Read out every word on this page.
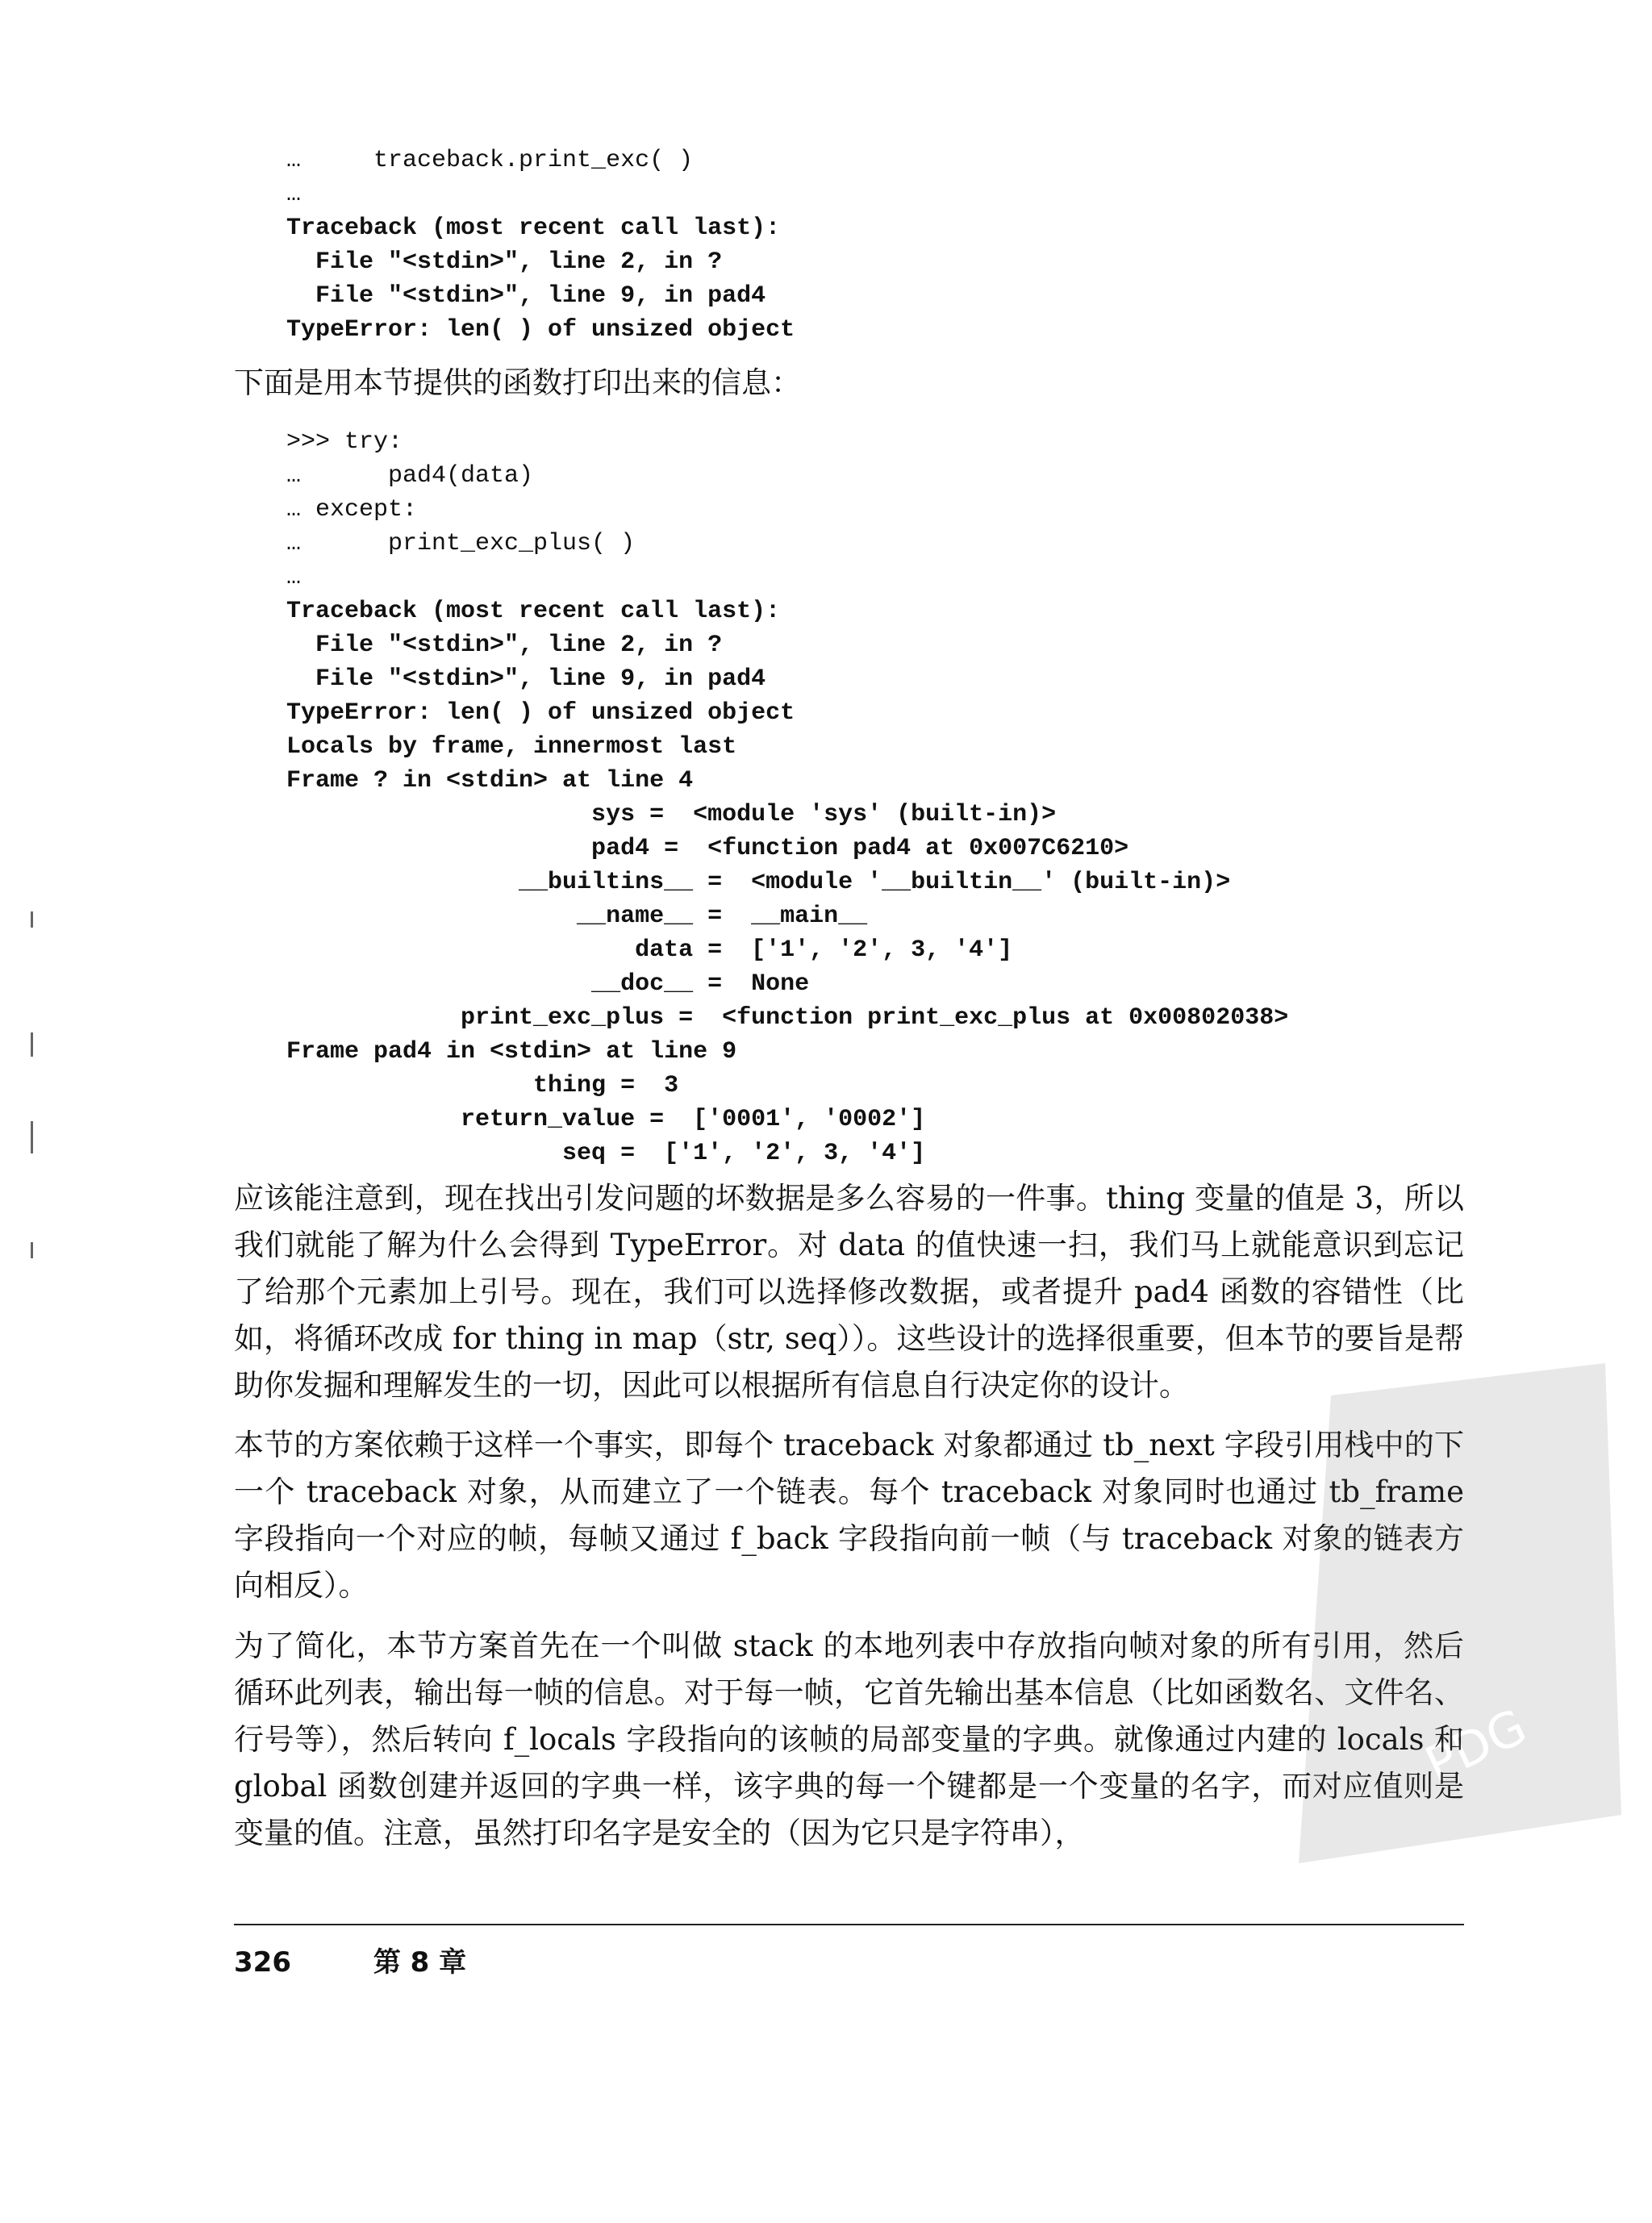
…     traceback.print_exc( )
…
Traceback (most recent call last):
File "<stdin>", line 2, in ?
File "<stdin>", line 9, in pad4
TypeError: len( ) of unsized object

下面是用本节提供的函数打印出来的信息：

>>> try:
…      pad4(data)
… except:
…      print_exc_plus( )
…
Traceback (most recent call last):
File "<stdin>", line 2, in ?
File "<stdin>", line 9, in pad4
TypeError: len( ) of unsized object
Locals by frame, innermost last
Frame ? in <stdin> at line 4
sys =  <module 'sys' (built-in)>
pad4 =  <function pad4 at 0x007C6210>
__builtins__ =  <module '__builtin__' (built-in)>
__name__ =  __main__
data =  ['1', '2', 3, '4']
__doc__ =  None
print_exc_plus =  <function print_exc_plus at 0x00802038>
Frame pad4 in <stdin> at line 9
thing =  3
return_value =  ['0001', '0002']
seq =  ['1', '2', 3, '4']

应该能注意到，现在找出引发问题的坏数据是多么容易的一件事。thing 变量的值是 3，所以我们就能了解为什么会得到 TypeError。对 data 的值快速一扫，我们马上就能意识到忘记了给那个元素加上引号。现在，我们可以选择修改数据，或者提升 pad4 函数的容错性（比如，将循环改成 for thing in map（str, seq））。这些设计的选择很重要，但本节的要旨是帮助你发掘和理解发生的一切，因此可以根据所有信息自行决定你的设计。

本节的方案依赖于这样一个事实，即每个 traceback 对象都通过 tb_next 字段引用栈中的下一个 traceback 对象，从而建立了一个链表。每个 traceback 对象同时也通过 tb_frame 字段指向一个对应的帧，每帧又通过 f_back 字段指向前一帧（与 traceback 对象的链表方向相反）。

为了简化，本节方案首先在一个叫做 stack 的本地列表中存放指向帧对象的所有引用，然后循环此列表，输出每一帧的信息。对于每一帧，它首先输出基本信息（比如函数名、文件名、行号等），然后转向 f_locals 字段指向的该帧的局部变量的字典。就像通过内建的 locals 和 global 函数创建并返回的字典一样，该字典的每一个键都是一个变量的名字，而对应值则是变量的值。注意，虽然打印名字是安全的（因为它只是字符串），

326	第 8 章
PDG
